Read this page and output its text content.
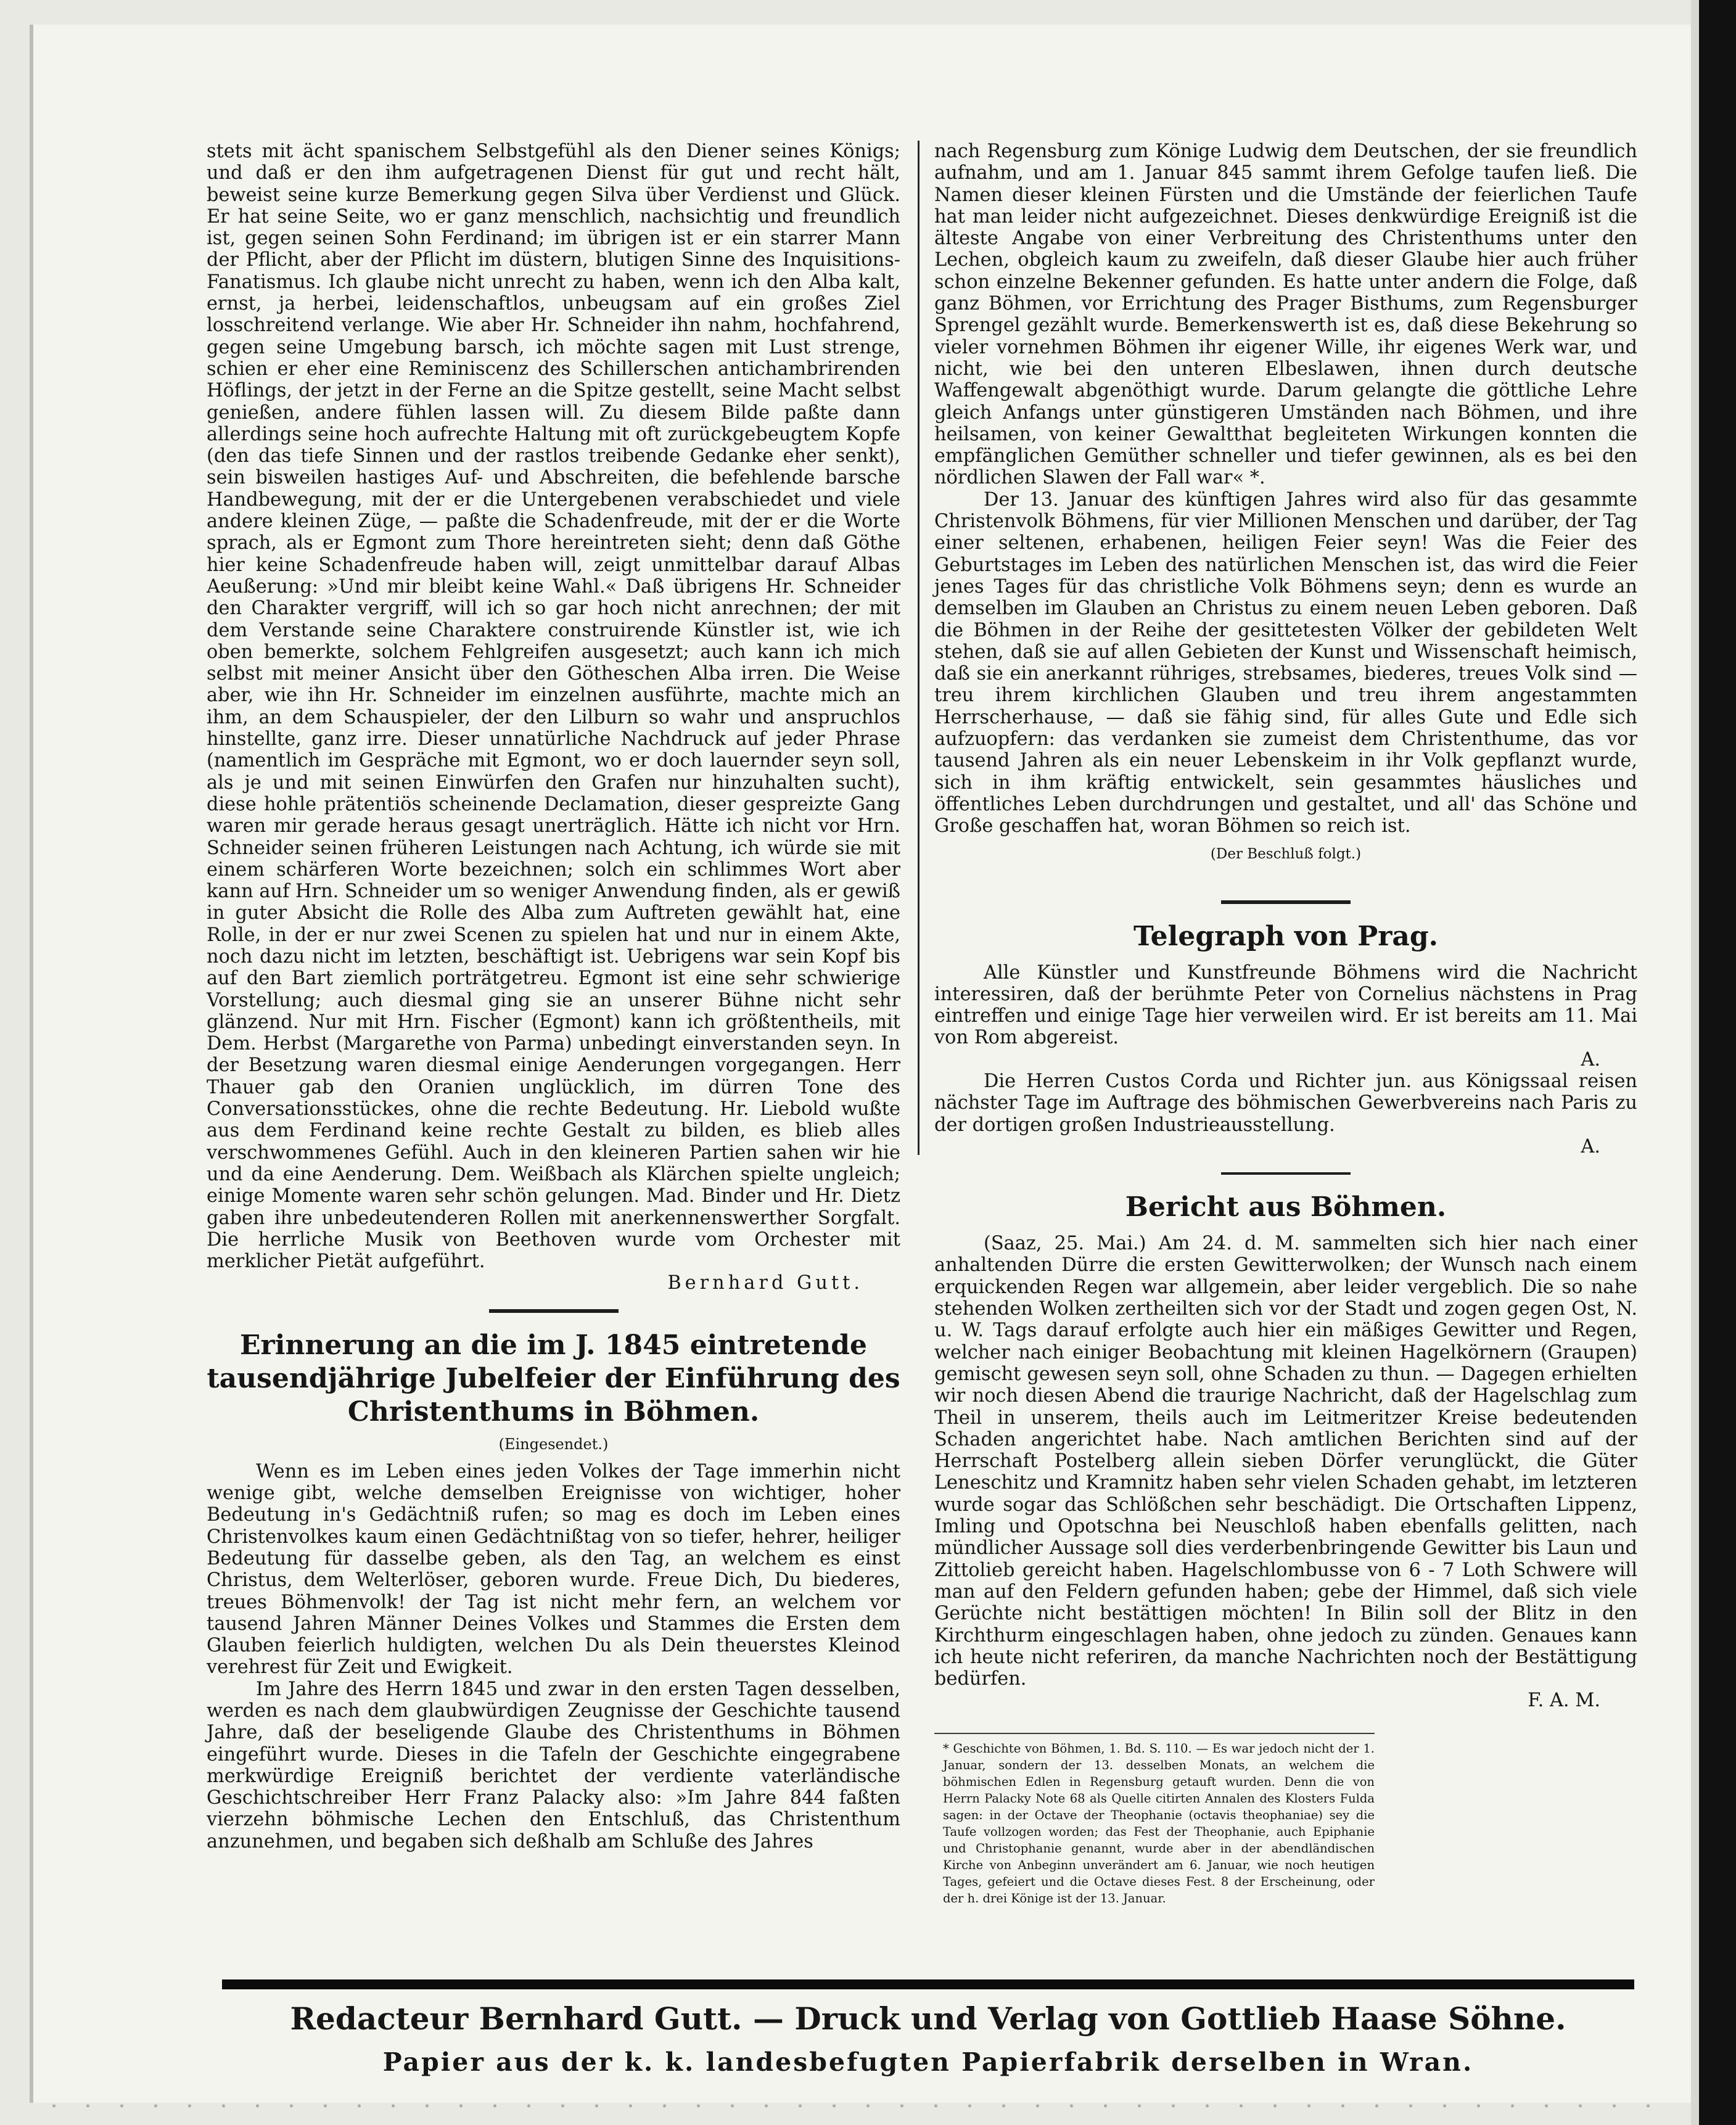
stets mit ächt spanischem Selbstgefühl als den Diener seines Königs; und daß er den ihm aufgetragenen Dienst für gut und recht hält, beweist seine kurze Bemerkung gegen Silva über Verdienst und Glück. Er hat seine Seite, wo er ganz menschlich, nachsichtig und freundlich ist, gegen seinen Sohn Ferdinand; im übrigen ist er ein starrer Mann der Pflicht, aber der Pflicht im düstern, blutigen Sinne des Inquisitions-Fanatismus. Ich glaube nicht unrecht zu haben, wenn ich den Alba kalt, ernst, ja herbei, leidenschaftlos, unbeugsam auf ein großes Ziel losschreitend verlange. Wie aber Hr. Schneider ihn nahm, hochfahrend, gegen seine Umgebung barsch, ich möchte sagen mit Lust strenge, schien er eher eine Reminiscenz des Schillerschen antichambrirenden Höflings, der jetzt in der Ferne an die Spitze gestellt, seine Macht selbst genießen, andere fühlen lassen will. Zu diesem Bilde paßte dann allerdings seine hoch aufrechte Haltung mit oft zurückgebeugtem Kopfe (den das tiefe Sinnen und der rastlos treibende Gedanke eher senkt), sein bisweilen hastiges Auf- und Abschreiten, die befehlende barsche Handbewegung, mit der er die Untergebenen verabschiedet und viele andere kleinen Züge, — paßte die Schadenfreude, mit der er die Worte sprach, als er Egmont zum Thore hereintreten sieht; denn daß Göthe hier keine Schadenfreude haben will, zeigt unmittelbar darauf Albas Aeußerung: »Und mir bleibt keine Wahl.« Daß übrigens Hr. Schneider den Charakter vergriff, will ich so gar hoch nicht anrechnen; der mit dem Verstande seine Charaktere construirende Künstler ist, wie ich oben bemerkte, solchem Fehlgreifen ausgesetzt; auch kann ich mich selbst mit meiner Ansicht über den Götheschen Alba irren. Die Weise aber, wie ihn Hr. Schneider im einzelnen ausführte, machte mich an ihm, an dem Schauspieler, der den Lilburn so wahr und anspruchlos hinstellte, ganz irre. Dieser unnatürliche Nachdruck auf jeder Phrase (namentlich im Gespräche mit Egmont, wo er doch lauernder seyn soll, als je und mit seinen Einwürfen den Grafen nur hinzuhalten sucht), diese hohle prätentiös scheinende Declamation, dieser gespreizte Gang waren mir gerade heraus gesagt unerträglich. Hätte ich nicht vor Hrn. Schneider seinen früheren Leistungen nach Achtung, ich würde sie mit einem schärferen Worte bezeichnen; solch ein schlimmes Wort aber kann auf Hrn. Schneider um so weniger Anwendung finden, als er gewiß in guter Absicht die Rolle des Alba zum Auftreten gewählt hat, eine Rolle, in der er nur zwei Scenen zu spielen hat und nur in einem Akte, noch dazu nicht im letzten, beschäftigt ist. Uebrigens war sein Kopf bis auf den Bart ziemlich porträtgetreu. Egmont ist eine sehr schwierige Vorstellung; auch diesmal ging sie an unserer Bühne nicht sehr glänzend. Nur mit Hrn. Fischer (Egmont) kann ich größtentheils, mit Dem. Herbst (Margarethe von Parma) unbedingt einverstanden seyn. In der Besetzung waren diesmal einige Aenderungen vorgegangen. Herr Thauer gab den Oranien unglücklich, im dürren Tone des Conversationsstückes, ohne die rechte Bedeutung. Hr. Liebold wußte aus dem Ferdinand keine rechte Gestalt zu bilden, es blieb alles verschwommenes Gefühl. Auch in den kleineren Partien sahen wir hie und da eine Aenderung. Dem. Weißbach als Klärchen spielte ungleich; einige Momente waren sehr schön gelungen. Mad. Binder und Hr. Dietz gaben ihre unbedeutenderen Rollen mit anerkennenswerther Sorgfalt. Die herrliche Musik von Beethoven wurde vom Orchester mit merklicher Pietät aufgeführt.

Bernhard Gutt.

Erinnerung an die im J. 1845 eintretende tausendjährige Jubelfeier der Einführung des Christenthums in Böhmen.

(Eingesendet.)

Wenn es im Leben eines jeden Volkes der Tage immerhin nicht wenige gibt, welche demselben Ereignisse von wichtiger, hoher Bedeutung in's Gedächtniß rufen; so mag es doch im Leben eines Christenvolkes kaum einen Gedächtnißtag von so tiefer, hehrer, heiliger Bedeutung für dasselbe geben, als den Tag, an welchem es einst Christus, dem Welterlöser, geboren wurde. Freue Dich, Du biederes, treues Böhmenvolk! der Tag ist nicht mehr fern, an welchem vor tausend Jahren Männer Deines Volkes und Stammes die Ersten dem Glauben feierlich huldigten, welchen Du als Dein theuerstes Kleinod verehrest für Zeit und Ewigkeit.

Im Jahre des Herrn 1845 und zwar in den ersten Tagen desselben, werden es nach dem glaubwürdigen Zeugnisse der Geschichte tausend Jahre, daß der beseligende Glaube des Christenthums in Böhmen eingeführt wurde. Dieses in die Tafeln der Geschichte eingegrabene merkwürdige Ereigniß berichtet der verdiente vaterländische Geschichtschreiber Herr Franz Palacky also: »Im Jahre 844 faßten vierzehn böhmische Lechen den Entschluß, das Christenthum anzunehmen, und begaben sich deßhalb am Schluße des Jahres

nach Regensburg zum Könige Ludwig dem Deutschen, der sie freundlich aufnahm, und am 1. Januar 845 sammt ihrem Gefolge taufen ließ. Die Namen dieser kleinen Fürsten und die Umstände der feierlichen Taufe hat man leider nicht aufgezeichnet. Dieses denkwürdige Ereigniß ist die älteste Angabe von einer Verbreitung des Christenthums unter den Lechen, obgleich kaum zu zweifeln, daß dieser Glaube hier auch früher schon einzelne Bekenner gefunden. Es hatte unter andern die Folge, daß ganz Böhmen, vor Errichtung des Prager Bisthums, zum Regensburger Sprengel gezählt wurde. Bemerkenswerth ist es, daß diese Bekehrung so vieler vornehmen Böhmen ihr eigener Wille, ihr eigenes Werk war, und nicht, wie bei den unteren Elbeslawen, ihnen durch deutsche Waffengewalt abgenöthigt wurde. Darum gelangte die göttliche Lehre gleich Anfangs unter günstigeren Umständen nach Böhmen, und ihre heilsamen, von keiner Gewaltthat begleiteten Wirkungen konnten die empfänglichen Gemüther schneller und tiefer gewinnen, als es bei den nördlichen Slawen der Fall war« *.

Der 13. Januar des künftigen Jahres wird also für das gesammte Christenvolk Böhmens, für vier Millionen Menschen und darüber, der Tag einer seltenen, erhabenen, heiligen Feier seyn! Was die Feier des Geburtstages im Leben des natürlichen Menschen ist, das wird die Feier jenes Tages für das christliche Volk Böhmens seyn; denn es wurde an demselben im Glauben an Christus zu einem neuen Leben geboren. Daß die Böhmen in der Reihe der gesittetesten Völker der gebildeten Welt stehen, daß sie auf allen Gebieten der Kunst und Wissenschaft heimisch, daß sie ein anerkannt rühriges, strebsames, biederes, treues Volk sind — treu ihrem kirchlichen Glauben und treu ihrem angestammten Herrscherhause, — daß sie fähig sind, für alles Gute und Edle sich aufzuopfern: das verdanken sie zumeist dem Christenthume, das vor tausend Jahren als ein neuer Lebenskeim in ihr Volk gepflanzt wurde, sich in ihm kräftig entwickelt, sein gesammtes häusliches und öffentliches Leben durchdrungen und gestaltet, und all' das Schöne und Große geschaffen hat, woran Böhmen so reich ist.

(Der Beschluß folgt.)

Telegraph von Prag.

Alle Künstler und Kunstfreunde Böhmens wird die Nachricht interessiren, daß der berühmte Peter von Cornelius nächstens in Prag eintreffen und einige Tage hier verweilen wird. Er ist bereits am 11. Mai von Rom abgereist.

A.

Die Herren Custos Corda und Richter jun. aus Königssaal reisen nächster Tage im Auftrage des böhmischen Gewerbvereins nach Paris zu der dortigen großen Industrieausstellung.

A.

Bericht aus Böhmen.

(Saaz, 25. Mai.) Am 24. d. M. sammelten sich hier nach einer anhaltenden Dürre die ersten Gewitterwolken; der Wunsch nach einem erquickenden Regen war allgemein, aber leider vergeblich. Die so nahe stehenden Wolken zertheilten sich vor der Stadt und zogen gegen Ost, N. u. W. Tags darauf erfolgte auch hier ein mäßiges Gewitter und Regen, welcher nach einiger Beobachtung mit kleinen Hagelkörnern (Graupen) gemischt gewesen seyn soll, ohne Schaden zu thun. — Dagegen erhielten wir noch diesen Abend die traurige Nachricht, daß der Hagelschlag zum Theil in unserem, theils auch im Leitmeritzer Kreise bedeutenden Schaden angerichtet habe. Nach amtlichen Berichten sind auf der Herrschaft Postelberg allein sieben Dörfer verunglückt, die Güter Leneschitz und Kramnitz haben sehr vielen Schaden gehabt, im letzteren wurde sogar das Schlößchen sehr beschädigt. Die Ortschaften Lippenz, Imling und Opotschna bei Neuschloß haben ebenfalls gelitten, nach mündlicher Aussage soll dies verderbenbringende Gewitter bis Laun und Zittolieb gereicht haben. Hagelschlombusse von 6 - 7 Loth Schwere will man auf den Feldern gefunden haben; gebe der Himmel, daß sich viele Gerüchte nicht bestättigen möchten! In Bilin soll der Blitz in den Kirchthurm eingeschlagen haben, ohne jedoch zu zünden. Genaues kann ich heute nicht referiren, da manche Nachrichten noch der Bestättigung bedürfen.

F. A. M.

* Geschichte von Böhmen, 1. Bd. S. 110. — Es war jedoch nicht der 1. Januar, sondern der 13. desselben Monats, an welchem die böhmischen Edlen in Regensburg getauft wurden. Denn die von Herrn Palacky Note 68 als Quelle citirten Annalen des Klosters Fulda sagen: in der Octave der Theophanie (octavis theophaniae) sey die Taufe vollzogen worden; das Fest der Theophanie, auch Epiphanie und Christophanie genannt, wurde aber in der abendländischen Kirche von Anbeginn unverändert am 6. Januar, wie noch heutigen Tages, gefeiert und die Octave dieses Fest. 8 der Erscheinung, oder der h. drei Könige ist der 13. Januar.

Redacteur Bernhard Gutt. — Druck und Verlag von Gottlieb Haase Söhne.
Papier aus der k. k. landesbefugten Papierfabrik derselben in Wran.
